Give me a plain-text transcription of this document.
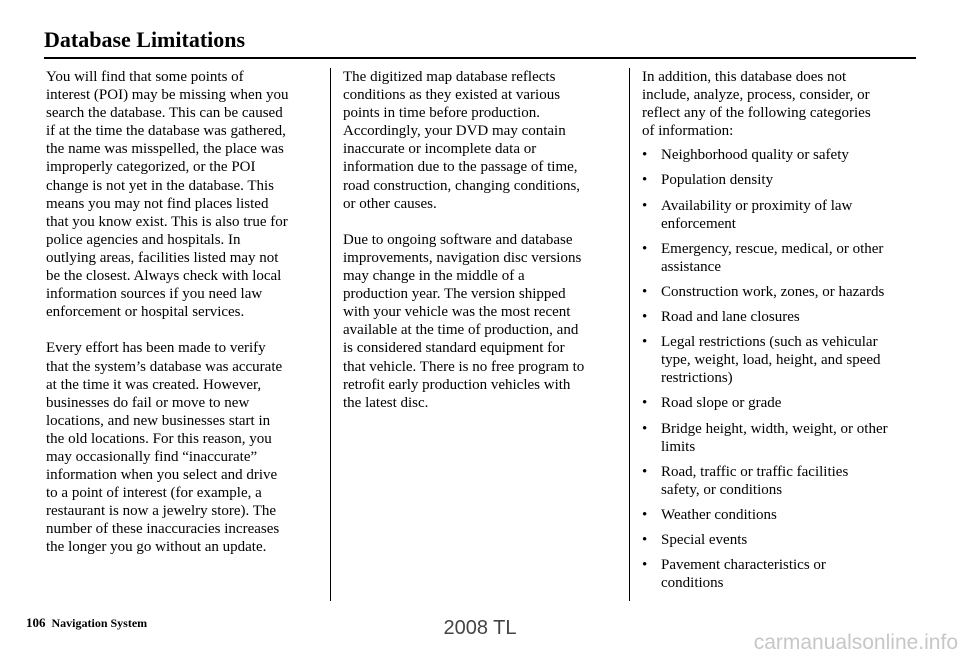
Database Limitations

You will find that some points of
interest (POI) may be missing when you
search the database. This can be caused
if at the time the database was gathered,
the name was misspelled, the place was
improperly categorized, or the POI
change is not yet in the database. This
means you may not find places listed
that you know exist. This is also true for
police agencies and hospitals. In
outlying areas, facilities listed may not
be the closest. Always check with local
information sources if you need law
enforcement or hospital services.

Every effort has been made to verify
that the system’s database was accurate
at the time it was created. However,
businesses do fail or move to new
locations, and new businesses start in
the old locations. For this reason, you
may occasionally find “inaccurate”
information when you select and drive
to a point of interest (for example, a
restaurant is now a jewelry store). The
number of these inaccuracies increases
the longer you go without an update.

The digitized map database reflects
conditions as they existed at various
points in time before production.
Accordingly, your DVD may contain
inaccurate or incomplete data or
information due to the passage of time,
road construction, changing conditions,
or other causes.

Due to ongoing software and database
improvements, navigation disc versions
may change in the middle of a
production year. The version shipped
with your vehicle was the most recent
available at the time of production, and
is considered standard equipment for
that vehicle. There is no free program to
retrofit early production vehicles with
the latest disc.

In addition, this database does not
include, analyze, process, consider, or
reflect any of the following categories
of information:

• Neighborhood quality or safety
• Population density
• Availability or proximity of law
enforcement
• Emergency, rescue, medical, or other
assistance
• Construction work, zones, or hazards
• Road and lane closures
• Legal restrictions (such as vehicular
type, weight, load, height, and speed
restrictions)
• Road slope or grade
• Bridge height, width, weight, or other
limits
• Road, traffic or traffic facilities
safety, or conditions
• Weather conditions
• Special events
• Pavement characteristics or
conditions
106 Navigation System	2008 TL
carmanualsonline.info
